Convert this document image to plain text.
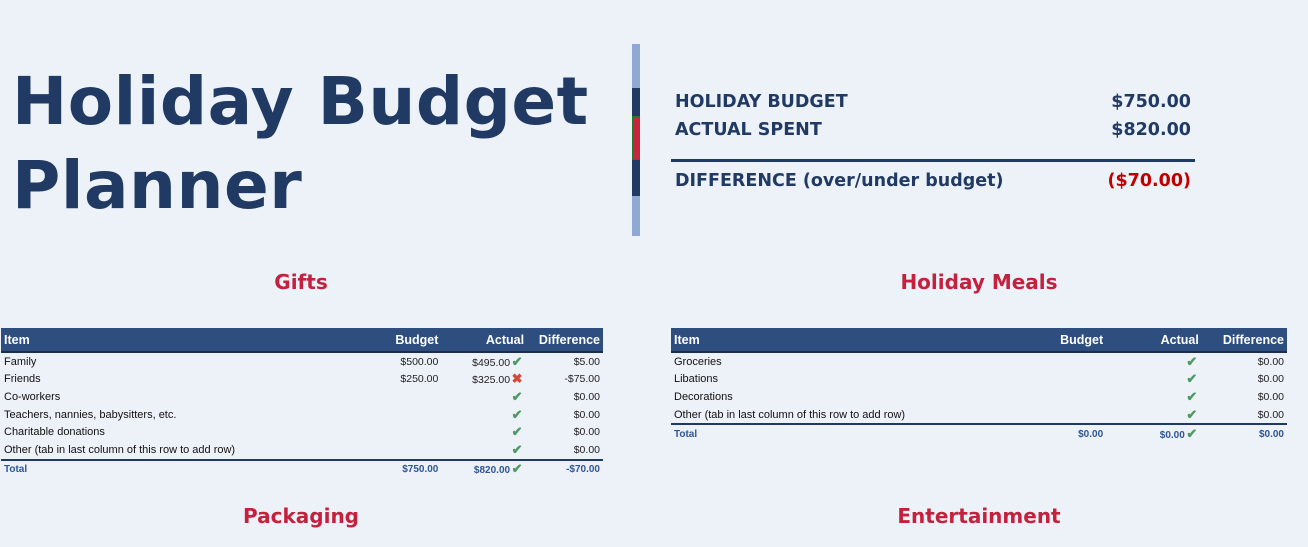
Holiday Budget
Planner
HOLIDAY BUDGET	$750.00
ACTUAL SPENT	$820.00
DIFFERENCE (over/under budget)	($70.00)
Gifts	Holiday Meals
Packaging	Entertainment
Item	Budget	Actual	Difference
Family	$500.00	$495.00 ✔	$5.00
Friends	$250.00	$325.00 ✖	-$75.00
Co-workers		✔	$0.00
Teachers, nannies, babysitters, etc.		✔	$0.00
Charitable donations		✔	$0.00
Other (tab in last column of this row to add row)		✔	$0.00
Total	$750.00	$820.00 ✔	-$70.00
Item	Budget	Actual	Difference
Groceries		✔	$0.00
Libations		✔	$0.00
Decorations		✔	$0.00
Other (tab in last column of this row to add row)		✔	$0.00
Total	$0.00	$0.00 ✔	$0.00
